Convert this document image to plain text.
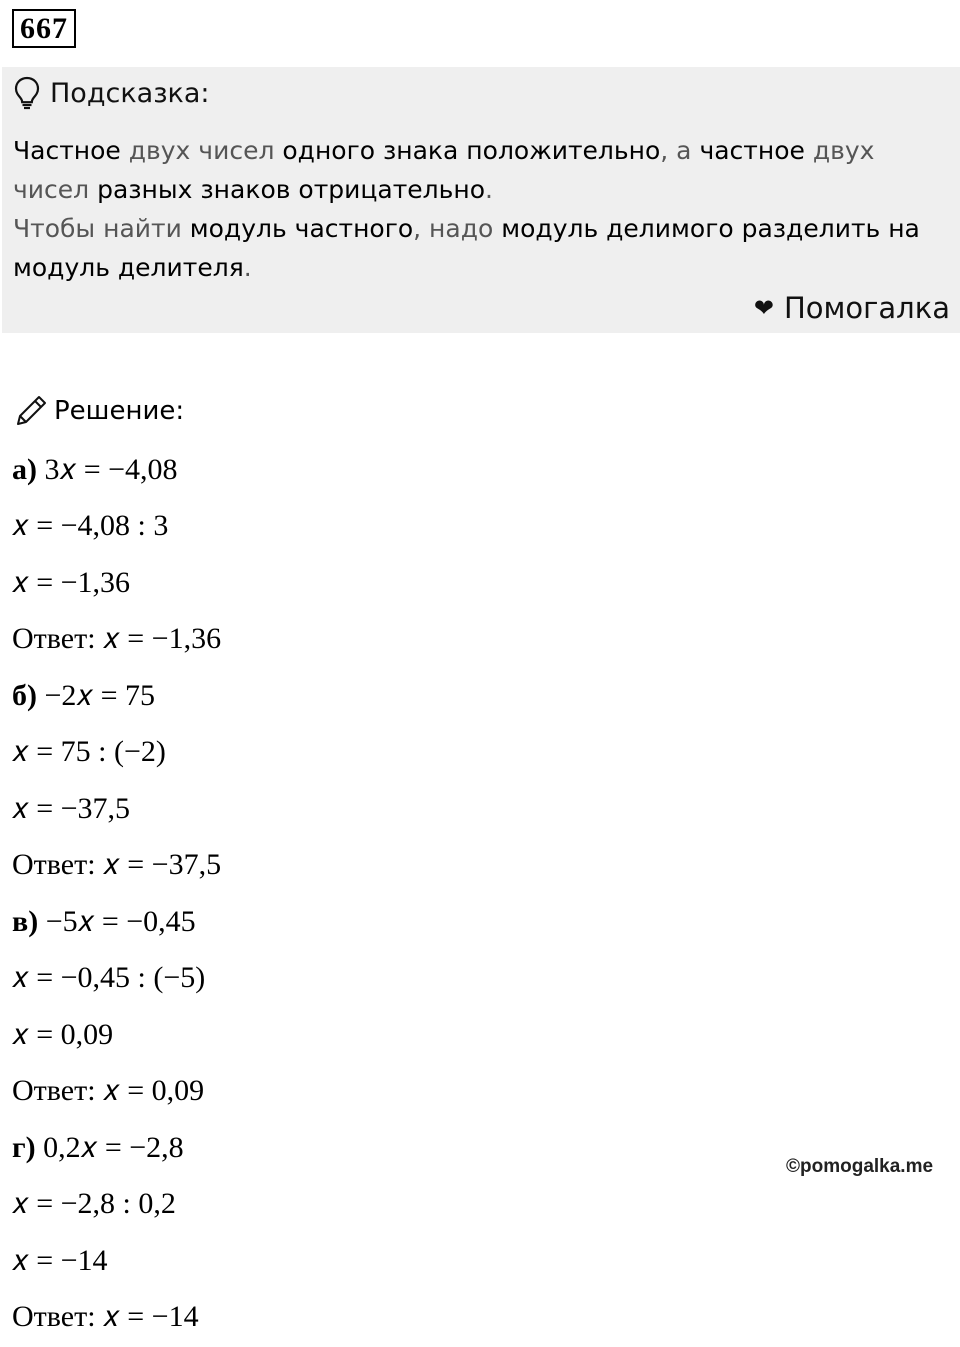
667
Подсказка:
Частное двух чисел одного знака положительно, а частное двух чисел разных знаков отрицательно.
Чтобы найти модуль частного, надо модуль делимого разделить на модуль делителя.
❤ Помогалка
Решение:
а) 3𝑥 = −4,08
𝑥 = −4,08 : 3
𝑥 = −1,36
Ответ: 𝑥 = −1,36
б) −2𝑥 = 75
𝑥 = 75 : (−2)
𝑥 = −37,5
Ответ: 𝑥 = −37,5
в) −5𝑥 = −0,45
𝑥 = −0,45 : (−5)
𝑥 = 0,09
Ответ: 𝑥 = 0,09
г) 0,2𝑥 = −2,8
𝑥 = −2,8 : 0,2
𝑥 = −14
Ответ: 𝑥 = −14
©pomogalka.me
